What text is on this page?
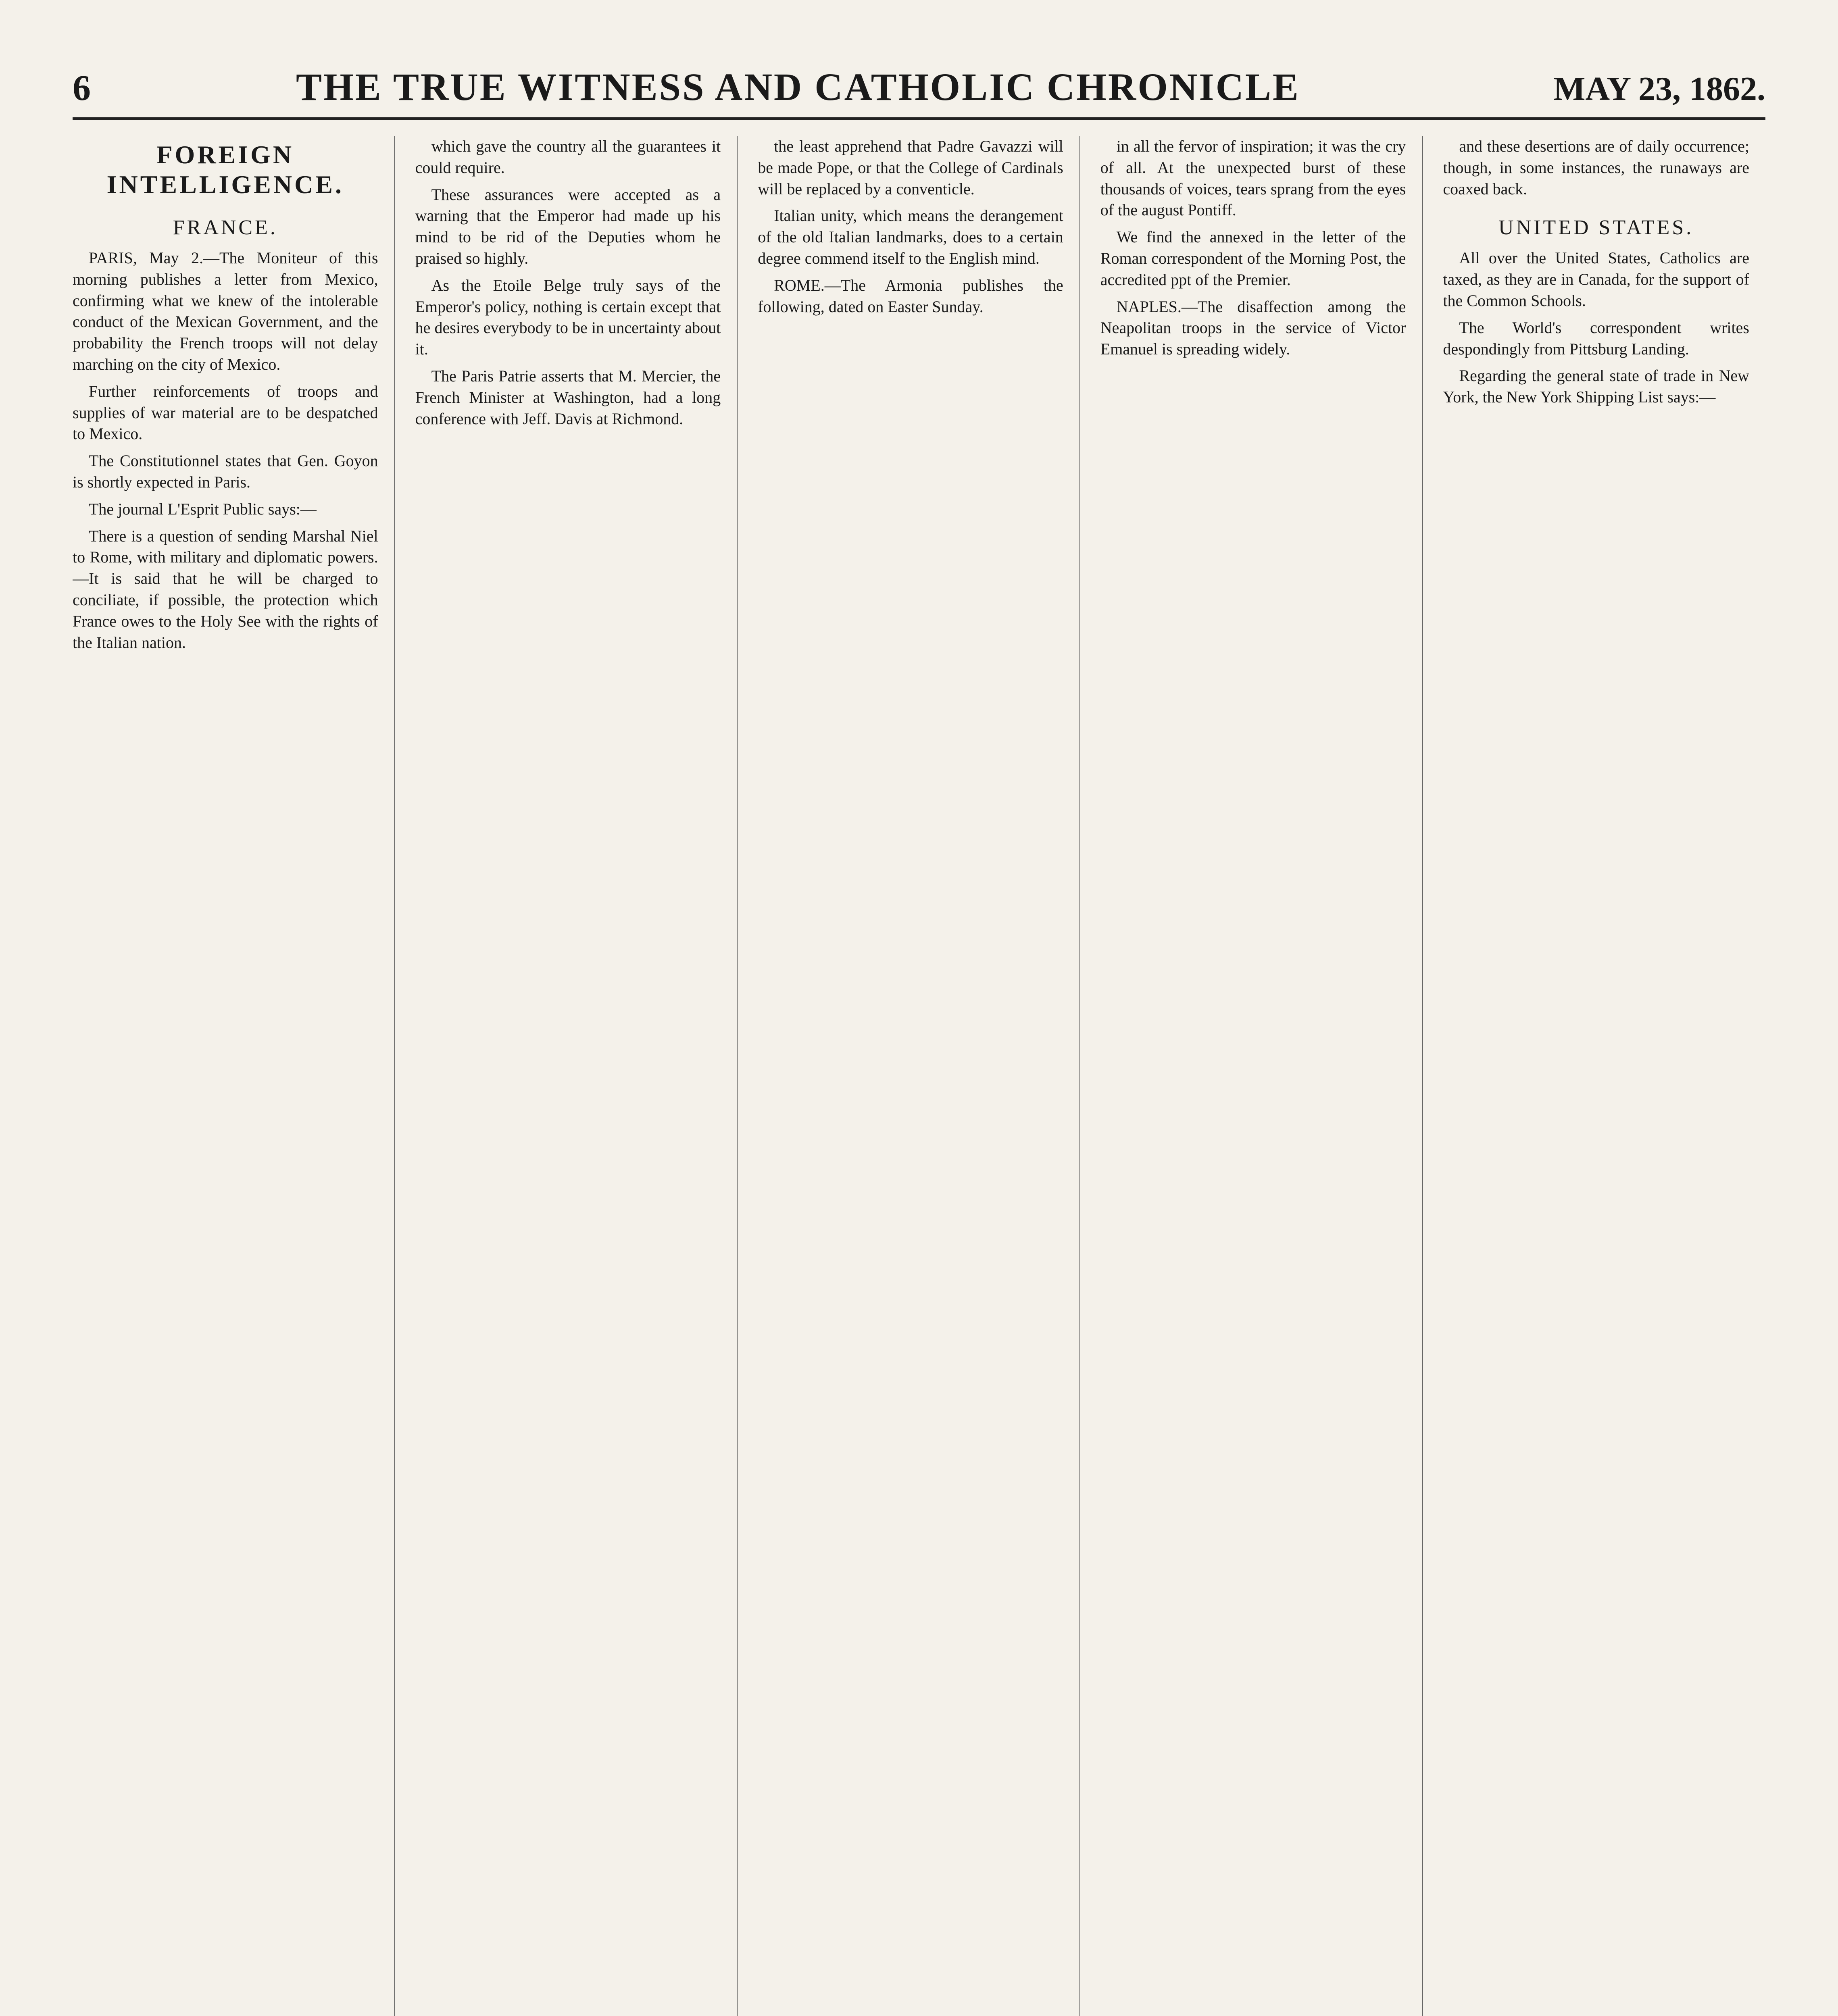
6	THE TRUE WITNESS AND CATHOLIC CHRONICLE	MAY 23, 1862.
FOREIGN INTELLIGENCE.
FRANCE.

PARIS, May 2.—The Moniteur of this morning publishes a letter from Mexico, confirming what we knew of the intolerable conduct of the Mexican Government, and the probability the French troops will not delay marching on the city of Mexico.

Further reinforcements of troops and supplies of war material are to be despatched to Mexico.

The Constitutionnel states that Gen. Goyon is shortly expected in Paris.

The journal L'Esprit Public says:—

There is a question of sending Marshal Niel to Rome, with military and diplomatic powers.—It is said that he will be charged to conciliate, if possible, the protection which France owes to the Holy See with the rights of the Italian nation.

which gave the country all the guarantees it could require.

These assurances were accepted as a warning that the Emperor had made up his mind to be rid of the Deputies whom he praised so highly.

As the Etoile Belge truly says of the Emperor's policy, nothing is certain except that he desires everybody to be in uncertainty about it.

The Paris Patrie asserts that M. Mercier, the French Minister at Washington, had a long conference with Jeff. Davis at Richmond.

the least apprehend that Padre Gavazzi will be made Pope, or that the College of Cardinals will be replaced by a conventicle.

Italian unity, which means the derangement of the old Italian landmarks, does to a certain degree commend itself to the English mind.

ROME.—The Armonia publishes the following, dated on Easter Sunday.

in all the fervor of inspiration; it was the cry of all. At the unexpected burst of these thousands of voices, tears sprang from the eyes of the august Pontiff.

We find the annexed in the letter of the Roman correspondent of the Morning Post, the accredited ppt of the Premier.

NAPLES.—The disaffection among the Neapolitan troops in the service of Victor Emanuel is spreading widely.

and these desertions are of daily occurrence; though, in some instances, the runaways are coaxed back.

UNITED STATES.

All over the United States, Catholics are taxed, as they are in Canada, for the support of the Common Schools.

The World's correspondent writes despondingly from Pittsburg Landing.

Regarding the general state of trade in New York, the New York Shipping List says:—
